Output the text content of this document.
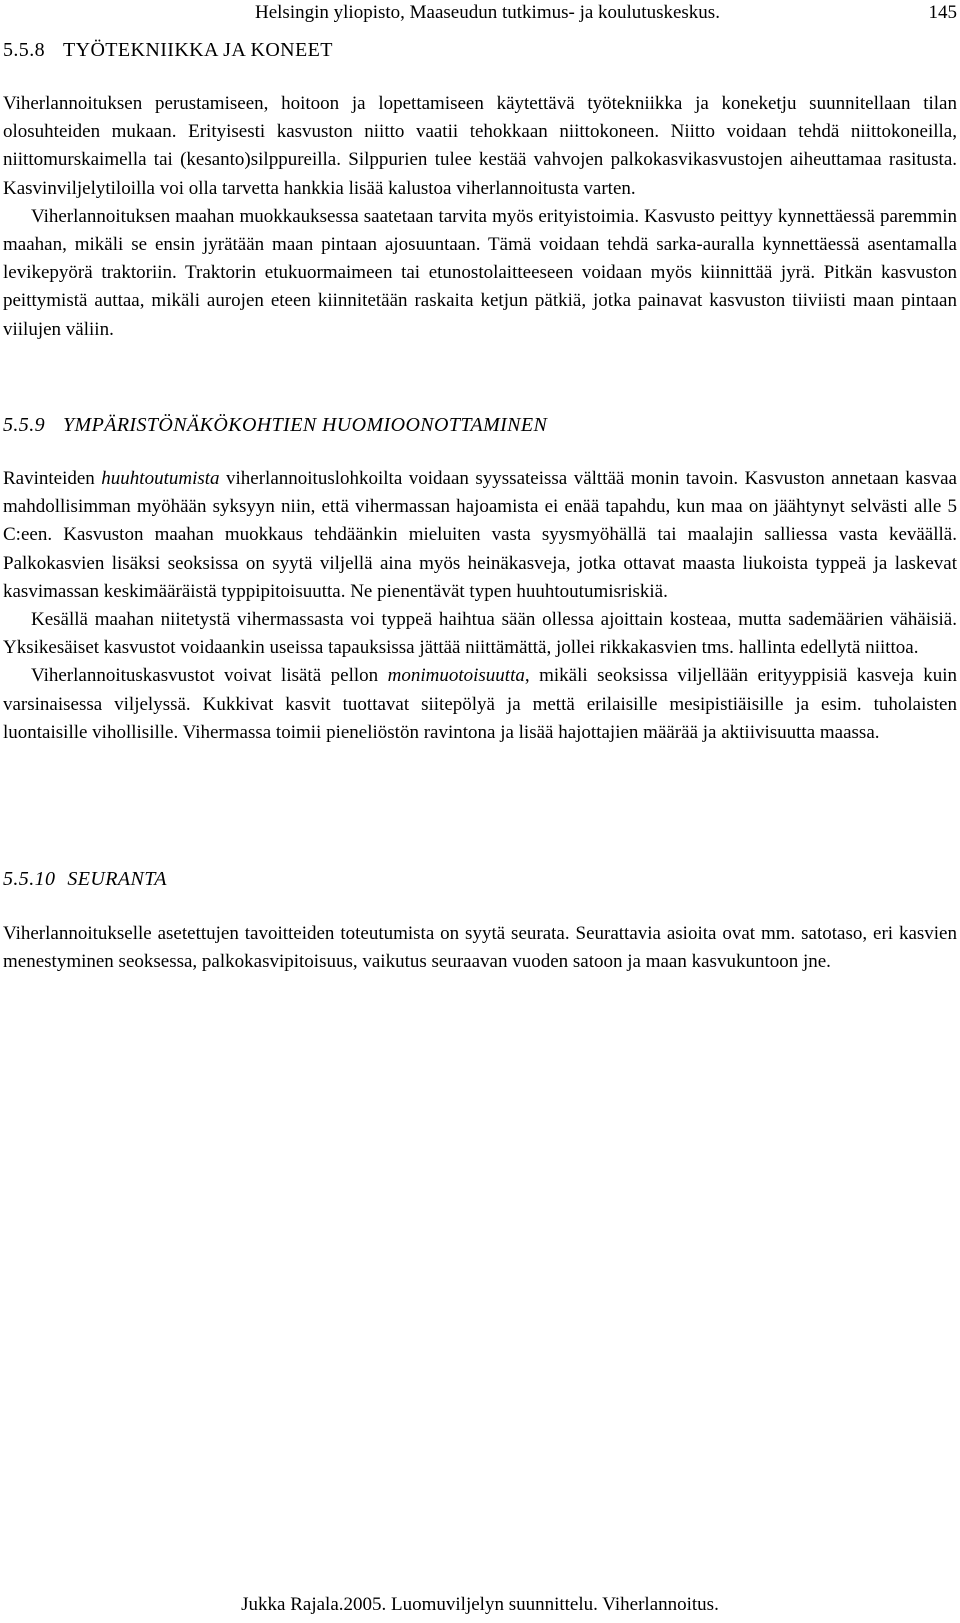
Helsingin yliopisto, Maaseudun tutkimus- ja koulutuskeskus.	145
5.5.8 TYÖTEKNIIKKA JA KONEET

Viherlannoituksen perustamiseen, hoitoon ja lopettamiseen käytettävä työtekniikka ja koneketju suunnitellaan tilan olosuhteiden mukaan. Erityisesti kasvuston niitto vaatii tehokkaan niittokoneen. Niitto voidaan tehdä niittokoneilla, niittomurskaimella tai (kesanto)silppureilla. Silppurien tulee kestää vahvojen palkokasvikasvustojen aiheuttamaa rasitusta. Kasvinviljelytiloilla voi olla tarvetta hankkia lisää kalustoa viherlannoitusta varten.

Viherlannoituksen maahan muokkauksessa saatetaan tarvita myös erityistoimia. Kasvusto peittyy kynnettäessä paremmin maahan, mikäli se ensin jyrätään maan pintaan ajosuuntaan. Tämä voidaan tehdä sarka-auralla kynnettäessä asentamalla levikepyörä traktoriin. Traktorin etukuormaimeen tai etunostolaitteeseen voidaan myös kiinnittää jyrä. Pitkän kasvuston peittymistä auttaa, mikäli aurojen eteen kiinnitetään raskaita ketjun pätkiä, jotka painavat kasvuston tiiviisti maan pintaan viilujen väliin.

5.5.9 YMPÄRISTÖNÄKÖKOHTIEN HUOMIOONOTTAMINEN

Ravinteiden huuhtoutumista viherlannoituslohkoilta voidaan syyssateissa välttää monin tavoin. Kasvuston annetaan kasvaa mahdollisimman myöhään syksyyn niin, että vihermassan hajoamista ei enää tapahdu, kun maa on jäähtynyt selvästi alle 5 C:een. Kasvuston maahan muokkaus tehdäänkin mieluiten vasta syysmyöhällä tai maalajin salliessa vasta keväällä. Palkokasvien lisäksi seoksissa on syytä viljellä aina myös heinäkasveja, jotka ottavat maasta liukoista typpeä ja laskevat kasvimassan keskimääräistä typpipitoisuutta. Ne pienentävät typen huuhtoutumisriskiä.

Kesällä maahan niitetystä vihermassasta voi typpeä haihtua sään ollessa ajoittain kosteaa, mutta sademäärien vähäisiä. Yksikesäiset kasvustot voidaankin useissa tapauksissa jättää niittämättä, jollei rikkakasvien tms. hallinta edellytä niittoa.

Viherlannoituskasvustot voivat lisätä pellon monimuotoisuutta, mikäli seoksissa viljellään erityyppisiä kasveja kuin varsinaisessa viljelyssä. Kukkivat kasvit tuottavat siitepölyä ja mettä erilaisille mesipistiäisille ja esim. tuholaisten luontaisille vihollisille. Vihermassa toimii pieneliöstön ravintona ja lisää hajottajien määrää ja aktiivisuutta maassa.

5.5.10 SEURANTA

Viherlannoitukselle asetettujen tavoitteiden toteutumista on syytä seurata. Seurattavia asioita ovat mm. satotaso, eri kasvien menestyminen seoksessa, palkokasvipitoisuus, vaikutus seuraavan vuoden satoon ja maan kasvukuntoon jne.

Jukka Rajala.2005. Luomuviljelyn suunnittelu. Viherlannoitus.
